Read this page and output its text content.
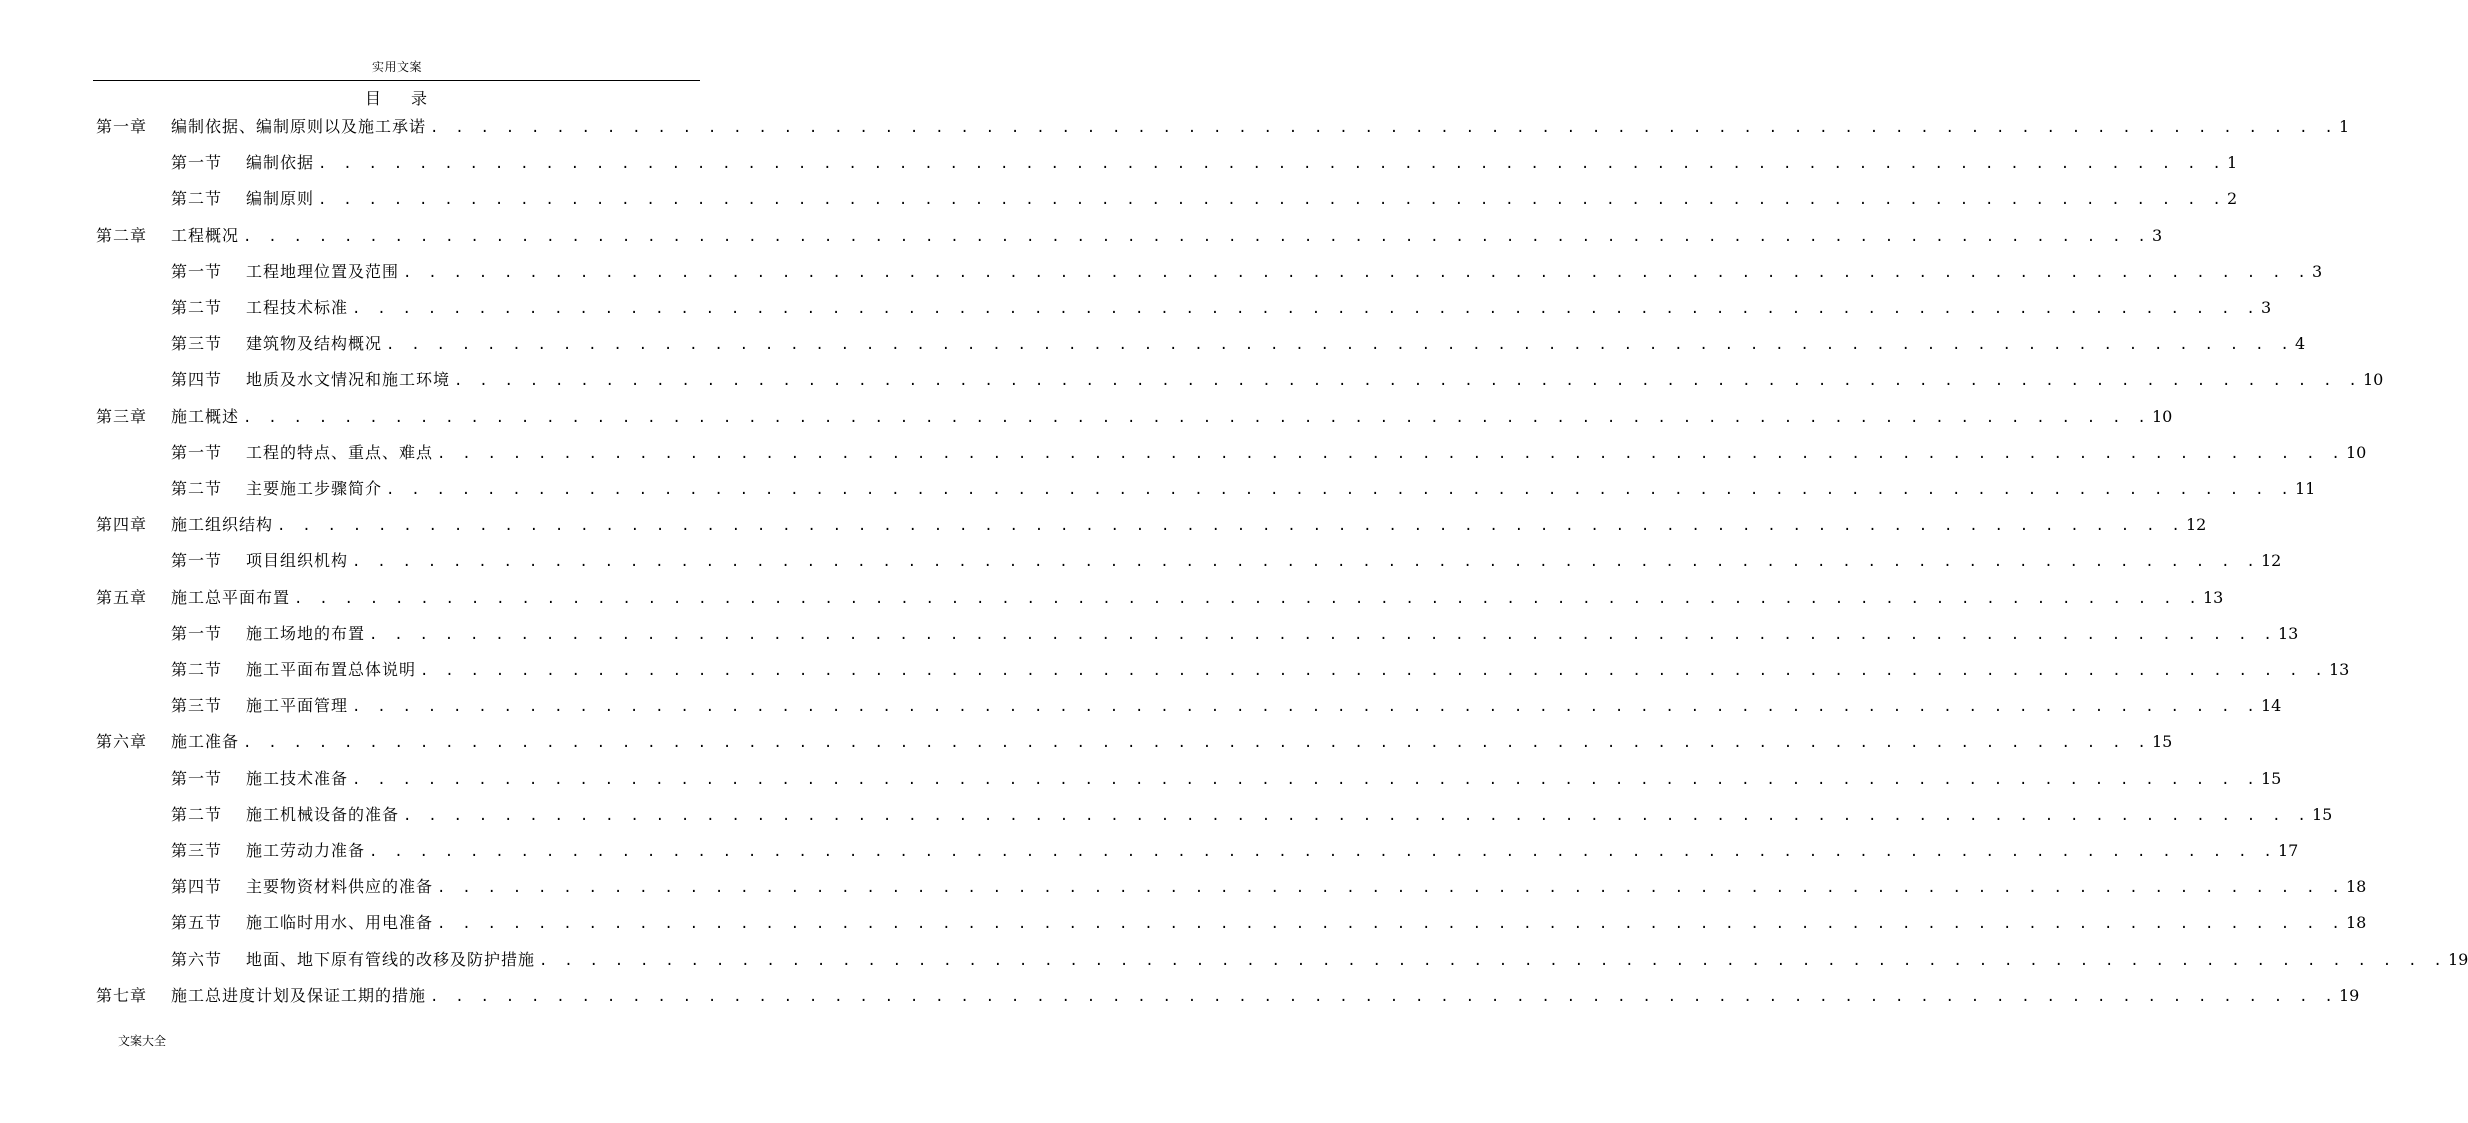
实用文案
目 录
第一章 编制依据、编制原则以及施工承诺 . . . . . . . . . . . . . . . . . . . . . . . . . . . . . . . . . . . . . . . . . . . . . . . . . . . . . . . . . . . . . . . . . . . . . . . . . . . . 1
第一节 编制依据 . . . . . . . . . . . . . . . . . . . . . . . . . . . . . . . . . . . . . . . . . . . . . . . . . . . . . . . . . . . . . . . . . . . . . . . . . . . . 1
第二节 编制原则 . . . . . . . . . . . . . . . . . . . . . . . . . . . . . . . . . . . . . . . . . . . . . . . . . . . . . . . . . . . . . . . . . . . . . . . . . . . . 2
第二章 工程概况 . . . . . . . . . . . . . . . . . . . . . . . . . . . . . . . . . . . . . . . . . . . . . . . . . . . . . . . . . . . . . . . . . . . . . . . . . . . . 3
第一节 工程地理位置及范围 . . . . . . . . . . . . . . . . . . . . . . . . . . . . . . . . . . . . . . . . . . . . . . . . . . . . . . . . . . . . . . . . . . . . . . . . . . . . 3
第二节 工程技术标准 . . . . . . . . . . . . . . . . . . . . . . . . . . . . . . . . . . . . . . . . . . . . . . . . . . . . . . . . . . . . . . . . . . . . . . . . . . . . 3
第三节 建筑物及结构概况 . . . . . . . . . . . . . . . . . . . . . . . . . . . . . . . . . . . . . . . . . . . . . . . . . . . . . . . . . . . . . . . . . . . . . . . . . . . . 4
第四节 地质及水文情况和施工环境 . . . . . . . . . . . . . . . . . . . . . . . . . . . . . . . . . . . . . . . . . . . . . . . . . . . . . . . . . . . . . . . . . . . . . . . . . . . . 10
第三章 施工概述 . . . . . . . . . . . . . . . . . . . . . . . . . . . . . . . . . . . . . . . . . . . . . . . . . . . . . . . . . . . . . . . . . . . . . . . . . . . . 10
第一节 工程的特点、重点、难点 . . . . . . . . . . . . . . . . . . . . . . . . . . . . . . . . . . . . . . . . . . . . . . . . . . . . . . . . . . . . . . . . . . . . . . . . . . . . 10
第二节 主要施工步骤简介 . . . . . . . . . . . . . . . . . . . . . . . . . . . . . . . . . . . . . . . . . . . . . . . . . . . . . . . . . . . . . . . . . . . . . . . . . . . . 11
第四章 施工组织结构 . . . . . . . . . . . . . . . . . . . . . . . . . . . . . . . . . . . . . . . . . . . . . . . . . . . . . . . . . . . . . . . . . . . . . . . . . . . . 12
第一节 项目组织机构 . . . . . . . . . . . . . . . . . . . . . . . . . . . . . . . . . . . . . . . . . . . . . . . . . . . . . . . . . . . . . . . . . . . . . . . . . . . . 12
第五章 施工总平面布置 . . . . . . . . . . . . . . . . . . . . . . . . . . . . . . . . . . . . . . . . . . . . . . . . . . . . . . . . . . . . . . . . . . . . . . . . . . . . 13
第一节 施工场地的布置 . . . . . . . . . . . . . . . . . . . . . . . . . . . . . . . . . . . . . . . . . . . . . . . . . . . . . . . . . . . . . . . . . . . . . . . . . . . . 13
第二节 施工平面布置总体说明 . . . . . . . . . . . . . . . . . . . . . . . . . . . . . . . . . . . . . . . . . . . . . . . . . . . . . . . . . . . . . . . . . . . . . . . . . . . . 13
第三节 施工平面管理 . . . . . . . . . . . . . . . . . . . . . . . . . . . . . . . . . . . . . . . . . . . . . . . . . . . . . . . . . . . . . . . . . . . . . . . . . . . . 14
第六章 施工准备 . . . . . . . . . . . . . . . . . . . . . . . . . . . . . . . . . . . . . . . . . . . . . . . . . . . . . . . . . . . . . . . . . . . . . . . . . . . . 15
第一节 施工技术准备 . . . . . . . . . . . . . . . . . . . . . . . . . . . . . . . . . . . . . . . . . . . . . . . . . . . . . . . . . . . . . . . . . . . . . . . . . . . . 15
第二节 施工机械设备的准备 . . . . . . . . . . . . . . . . . . . . . . . . . . . . . . . . . . . . . . . . . . . . . . . . . . . . . . . . . . . . . . . . . . . . . . . . . . . . 15
第三节 施工劳动力准备 . . . . . . . . . . . . . . . . . . . . . . . . . . . . . . . . . . . . . . . . . . . . . . . . . . . . . . . . . . . . . . . . . . . . . . . . . . . . 17
第四节 主要物资材料供应的准备 . . . . . . . . . . . . . . . . . . . . . . . . . . . . . . . . . . . . . . . . . . . . . . . . . . . . . . . . . . . . . . . . . . . . . . . . . . . . 18
第五节 施工临时用水、用电准备 . . . . . . . . . . . . . . . . . . . . . . . . . . . . . . . . . . . . . . . . . . . . . . . . . . . . . . . . . . . . . . . . . . . . . . . . . . . . 18
第六节 地面、地下原有管线的改移及防护措施 . . . . . . . . . . . . . . . . . . . . . . . . . . . . . . . . . . . . . . . . . . . . . . . . . . . . . . . . . . . . . . . . . . . . . . . . . . . . 19
第七章 施工总进度计划及保证工期的措施 . . . . . . . . . . . . . . . . . . . . . . . . . . . . . . . . . . . . . . . . . . . . . . . . . . . . . . . . . . . . . . . . . . . . . . . . . . . . 19
文案大全
